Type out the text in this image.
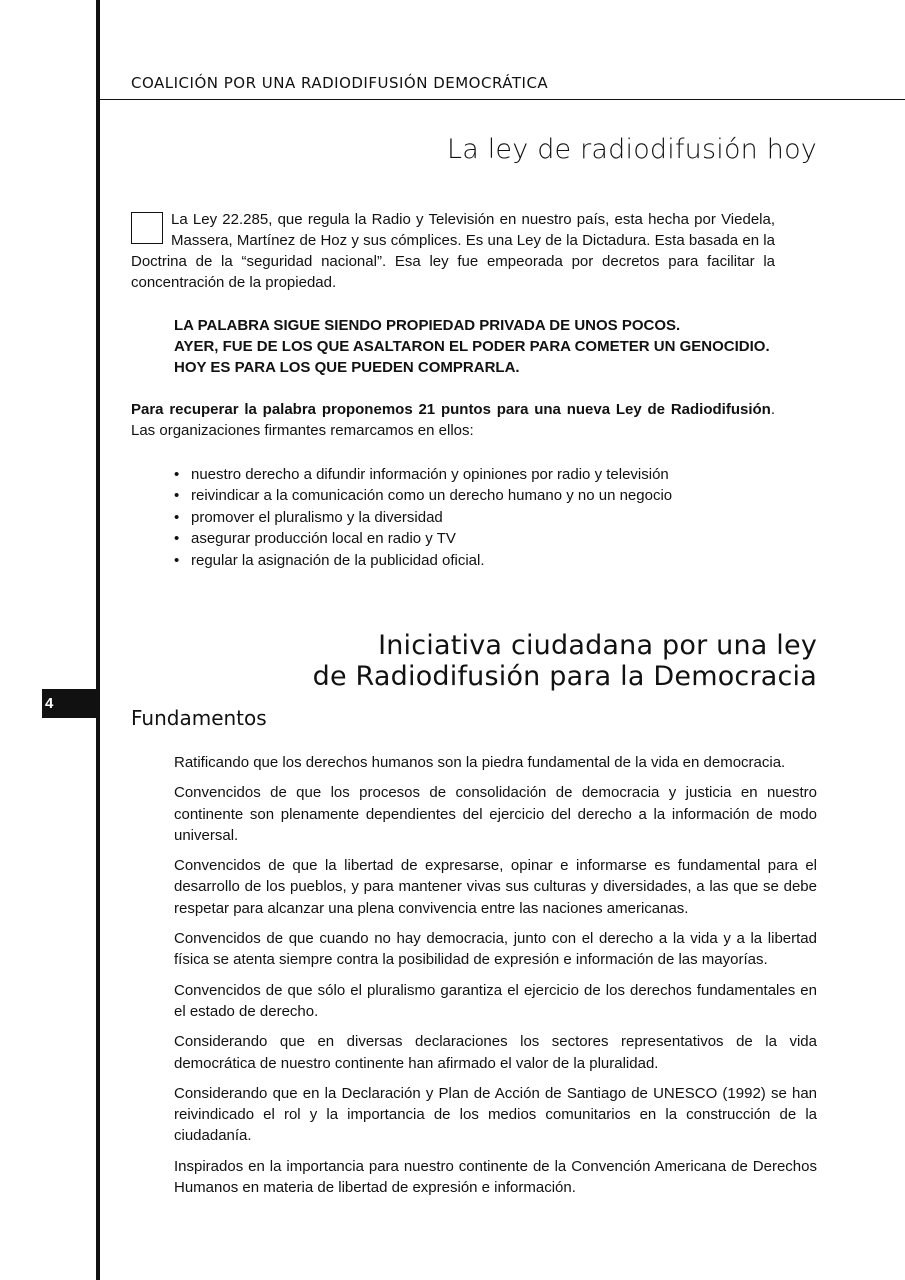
COALICIÓN POR UNA RADIODIFUSIÓN DEMOCRÁTICA
4
La ley de radiodifusión hoy
La Ley 22.285, que regula la Radio y Televisión en nuestro país, esta hecha por Viedela, Massera, Martínez de Hoz y sus cómplices. Es una Ley de la Dictadura. Esta basada en la Doctrina de la “seguridad nacional”. Esa ley fue empeorada por decretos para facilitar la concentración de la propiedad.
LA PALABRA SIGUE SIENDO PROPIEDAD PRIVADA DE UNOS POCOS.
AYER, FUE DE LOS QUE ASALTARON EL PODER PARA COMETER UN GENOCIDIO.
HOY ES PARA LOS QUE PUEDEN COMPRARLA.

Para recuperar la palabra proponemos 21 puntos para una nueva Ley de Radiodifusión. Las organizaciones firmantes remarcamos en ellos:

• nuestro derecho a difundir información y opiniones por radio y televisión
• reivindicar a la comunicación como un derecho humano y no un negocio
• promover el pluralismo y la diversidad
• asegurar producción local en radio y TV
• regular la asignación de la publicidad oficial.
Iniciativa ciudadana por una ley
de Radiodifusión para la Democracia
Fundamentos

Ratificando que los derechos humanos son la piedra fundamental de la vida en democracia.

Convencidos de que los procesos de consolidación de democracia y justicia en nuestro continente son plenamente dependientes del ejercicio del derecho a la información de modo universal.

Convencidos de que la libertad de expresarse, opinar e informarse es fundamental para el desarrollo de los pueblos, y para mantener vivas sus culturas y diversidades, a las que se debe respetar para alcanzar una plena convivencia entre las naciones americanas.

Convencidos de que cuando no hay democracia, junto con el derecho a la vida y a la libertad física se atenta siempre contra la posibilidad de expresión e información de las mayorías.

Convencidos de que sólo el pluralismo garantiza el ejercicio de los derechos fundamentales en el estado de derecho.

Considerando que en diversas declaraciones los sectores representativos de la vida democrática de nuestro continente han afirmado el valor de la pluralidad.

Considerando que en la Declaración y Plan de Acción de Santiago de UNESCO (1992) se han reivindicado el rol y la importancia de los medios comunitarios en la construcción de la ciudadanía.

Inspirados en la importancia para nuestro continente de la Convención Americana de Derechos Humanos en materia de libertad de expresión e información.
